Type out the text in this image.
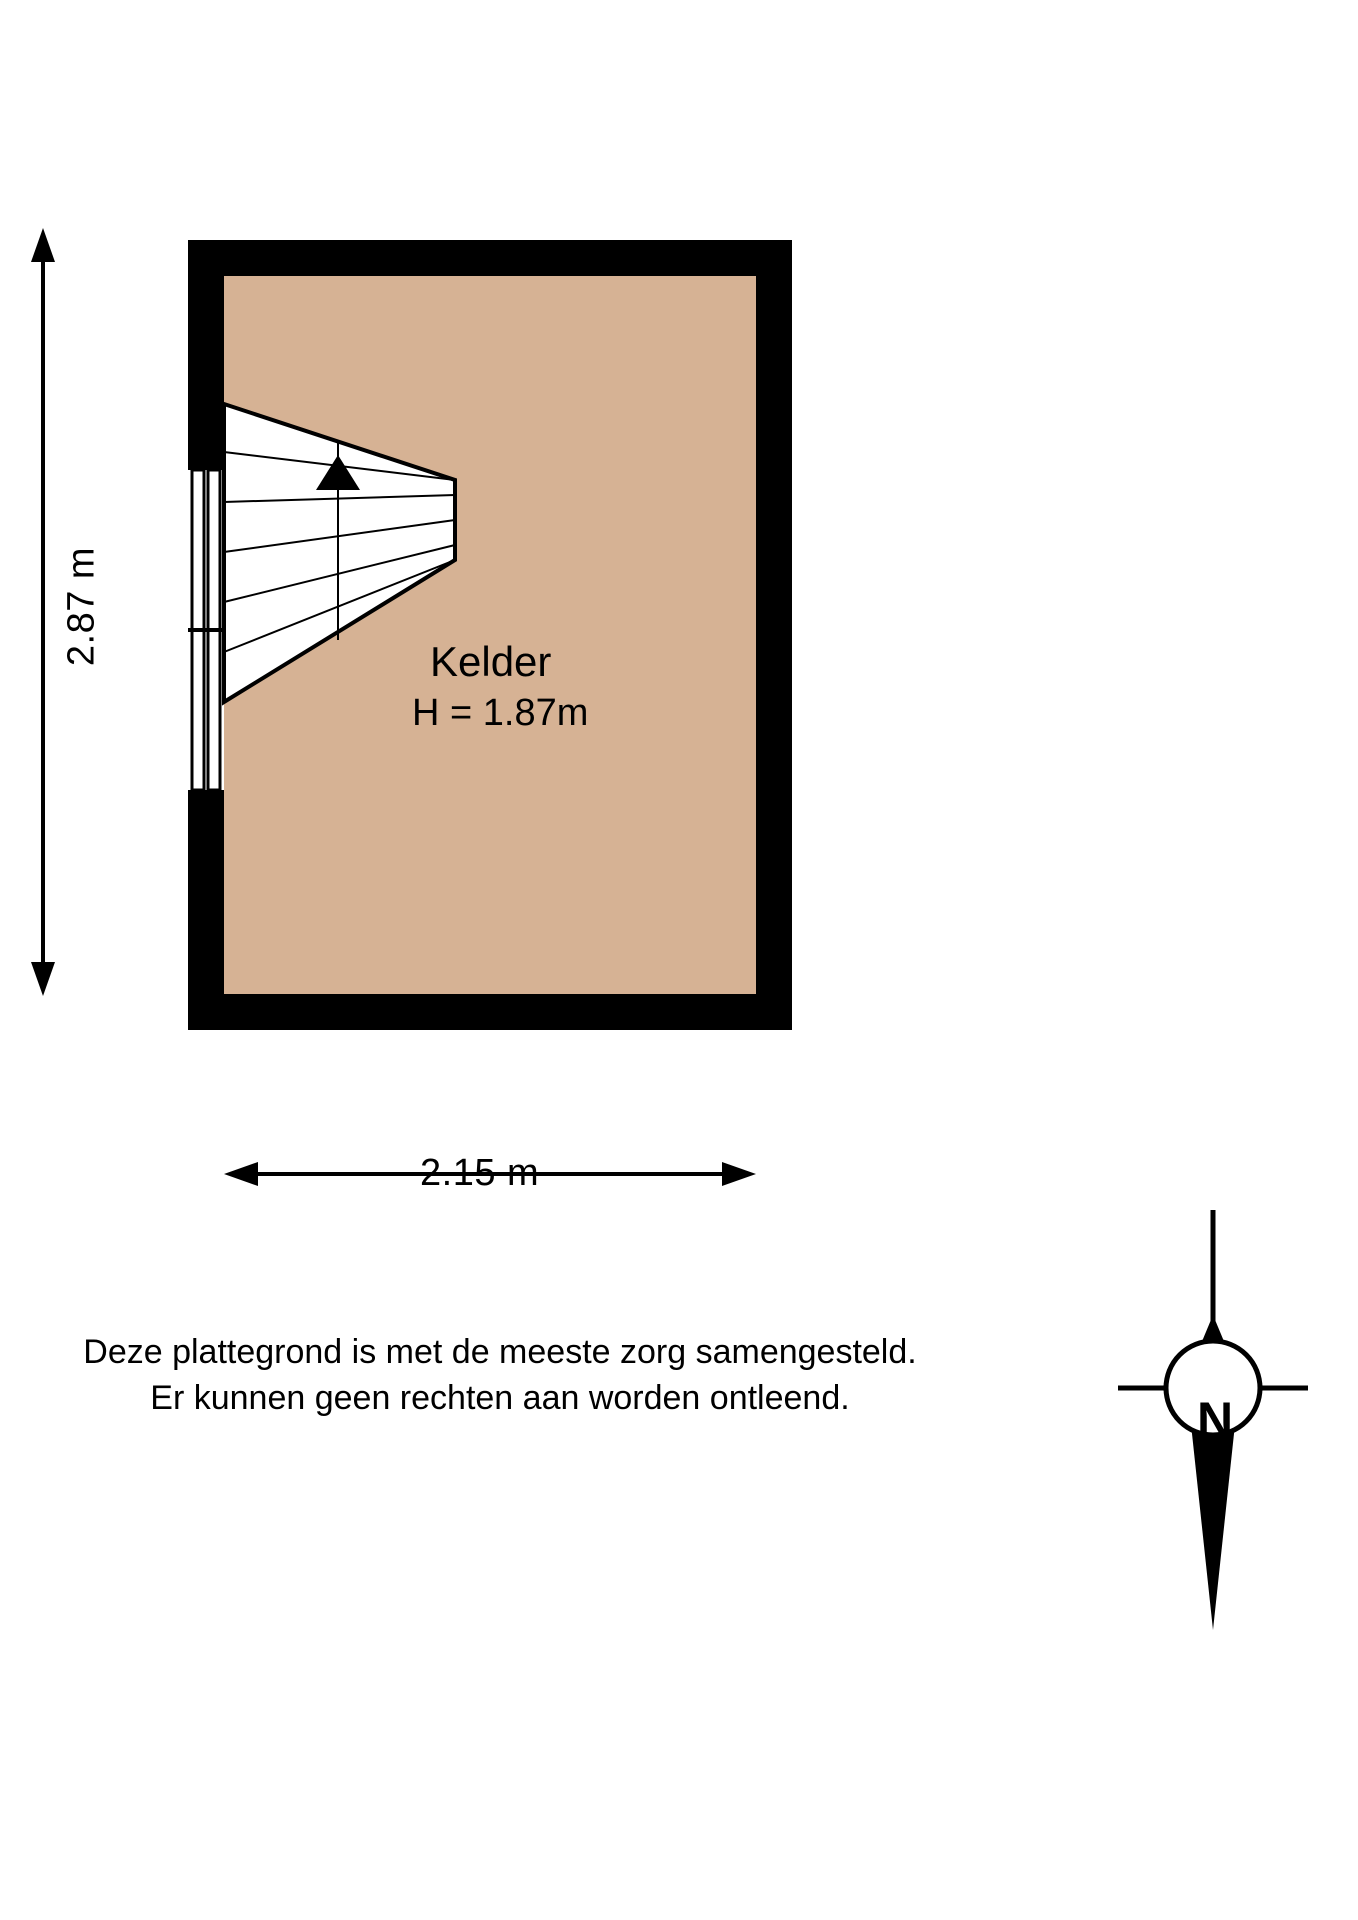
2.87 m
2.15 m
Kelder
H = 1.87m
Deze plattegrond is met de meeste zorg samengesteld.
Er kunnen geen rechten aan worden ontleend.	N
